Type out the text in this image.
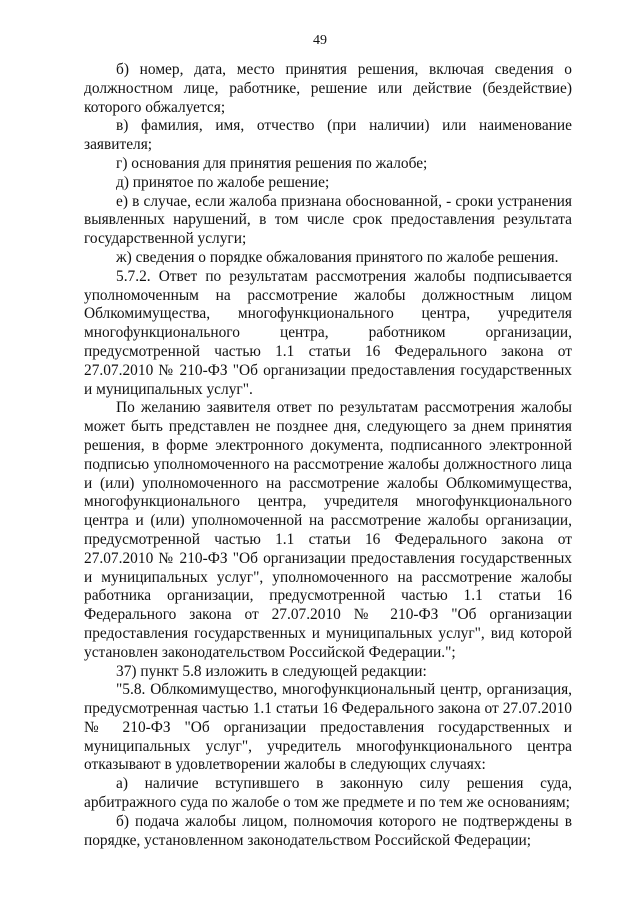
49

б) номер, дата, место принятия решения, включая сведения о должностном лице, работнике, решение или действие (бездействие) которого обжалуется;

в) фамилия, имя, отчество (при наличии) или наименование заявителя;

г) основания для принятия решения по жалобе;

д) принятое по жалобе решение;

е) в случае, если жалоба признана обоснованной, - сроки устранения выявленных нарушений, в том числе срок предоставления результата государственной услуги;

ж) сведения о порядке обжалования принятого по жалобе решения.

5.7.2. Ответ по результатам рассмотрения жалобы подписывается уполномоченным на рассмотрение жалобы должностным лицом Облкомимущества, многофункционального центра, учредителя многофункционального центра, работником организации, предусмотренной частью 1.1 статьи 16 Федерального закона от 27.07.2010 № 210-ФЗ "Об организации предоставления государственных и муниципальных услуг".

По желанию заявителя ответ по результатам рассмотрения жалобы может быть представлен не позднее дня, следующего за днем принятия решения, в форме электронного документа, подписанного электронной подписью уполномоченного на рассмотрение жалобы должностного лица и (или) уполномоченного на рассмотрение жалобы Облкомимущества, многофункционального центра, учредителя многофункционального центра и (или) уполномоченной на рассмотрение жалобы организации, предусмотренной частью 1.1 статьи 16 Федерального закона от 27.07.2010 № 210-ФЗ "Об организации предоставления государственных и муниципальных услуг", уполномоченного на рассмотрение жалобы работника организации, предусмотренной частью 1.1 статьи 16 Федерального закона от 27.07.2010 № 210-ФЗ "Об организации предоставления государственных и муниципальных услуг", вид которой установлен законодательством Российской Федерации.";

37) пункт 5.8 изложить в следующей редакции:

"5.8. Облкомимущество, многофункциональный центр, организация, предусмотренная частью 1.1 статьи 16 Федерального закона от 27.07.2010 № 210-ФЗ "Об организации предоставления государственных и муниципальных услуг", учредитель многофункционального центра отказывают в удовлетворении жалобы в следующих случаях:

а) наличие вступившего в законную силу решения суда, арбитражного суда по жалобе о том же предмете и по тем же основаниям;

б) подача жалобы лицом, полномочия которого не подтверждены в порядке, установленном законодательством Российской Федерации;
